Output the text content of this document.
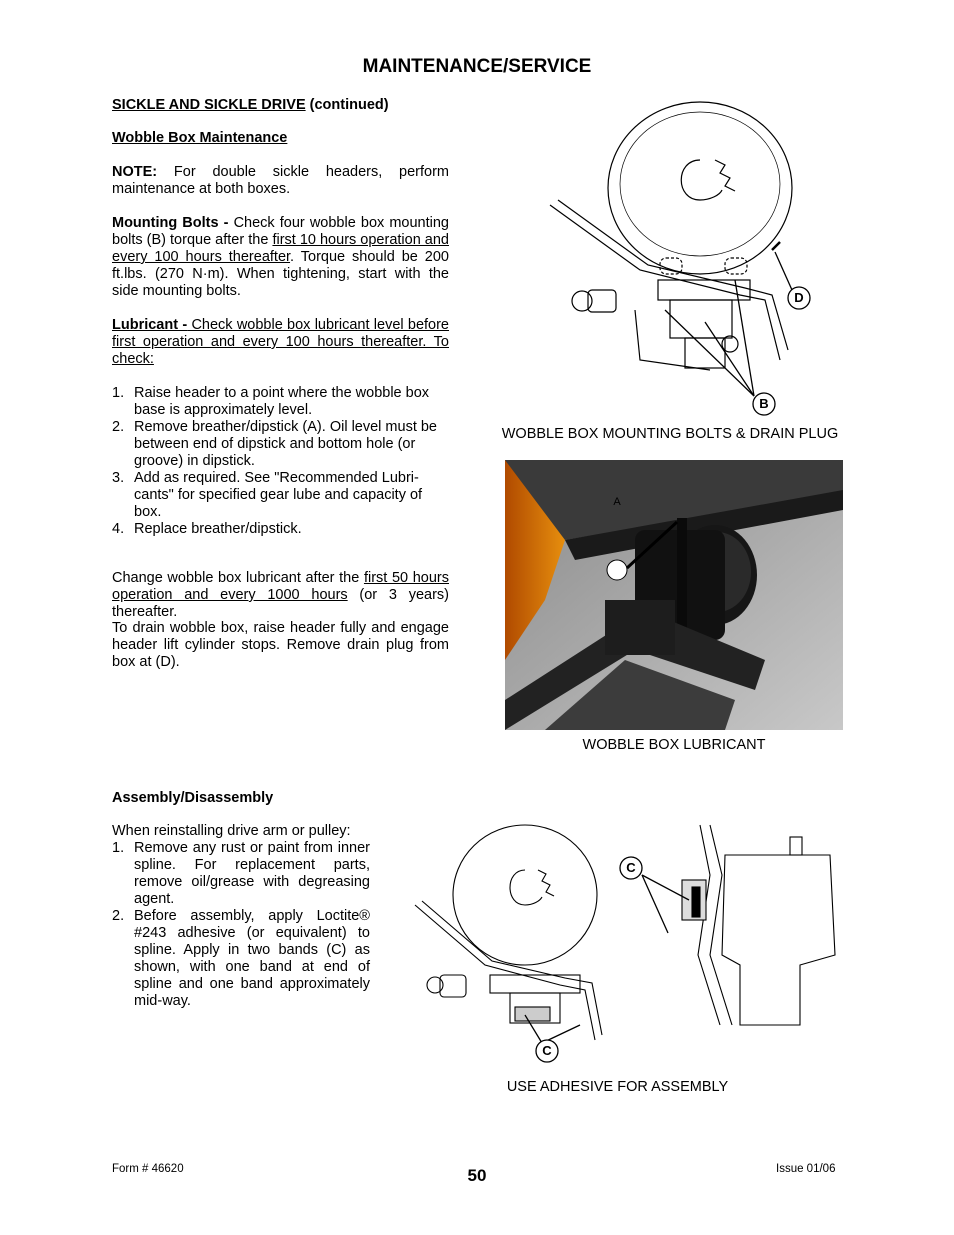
MAINTENANCE/SERVICE
SICKLE AND SICKLE DRIVE (continued)
Wobble Box Maintenance
NOTE: For double sickle headers, perform maintenance at both boxes.
Mounting Bolts - Check four wobble box mounting bolts (B) torque after the first 10 hours operation and every 100 hours thereafter. Torque should be 200 ft.lbs. (270 N·m). When tightening, start with the side mounting bolts.
Lubricant - Check wobble box lubricant level before first operation and every 100 hours thereafter. To check:
1. Raise header to a point where the wobble box base is approximately level.
2. Remove breather/dipstick (A). Oil level must be between end of dipstick and bottom hole (or groove) in dipstick.
3. Add as required. See "Recommended Lubri-cants" for specified gear lube and capacity of box.
4. Replace breather/dipstick.
Change wobble box lubricant after the first 50 hours operation and every 1000 hours (or 3 years) thereafter.
To drain wobble box, raise header fully and engage header lift cylinder stops. Remove drain plug from box at (D).
Assembly/Disassembly
When reinstalling drive arm or pulley:
1. Remove any rust or paint from inner spline. For replacement parts, remove oil/grease with degreasing agent.
2. Before assembly, apply Loctite® #243 adhesive (or equivalent) to spline. Apply in two bands (C) as shown, with one band at end of spline and one band approximately mid-way.
D
B
WOBBLE BOX MOUNTING BOLTS & DRAIN PLUG
A
WOBBLE BOX LUBRICANT
C
C
USE ADHESIVE FOR ASSEMBLY
Form # 46620	50	Issue 01/06
